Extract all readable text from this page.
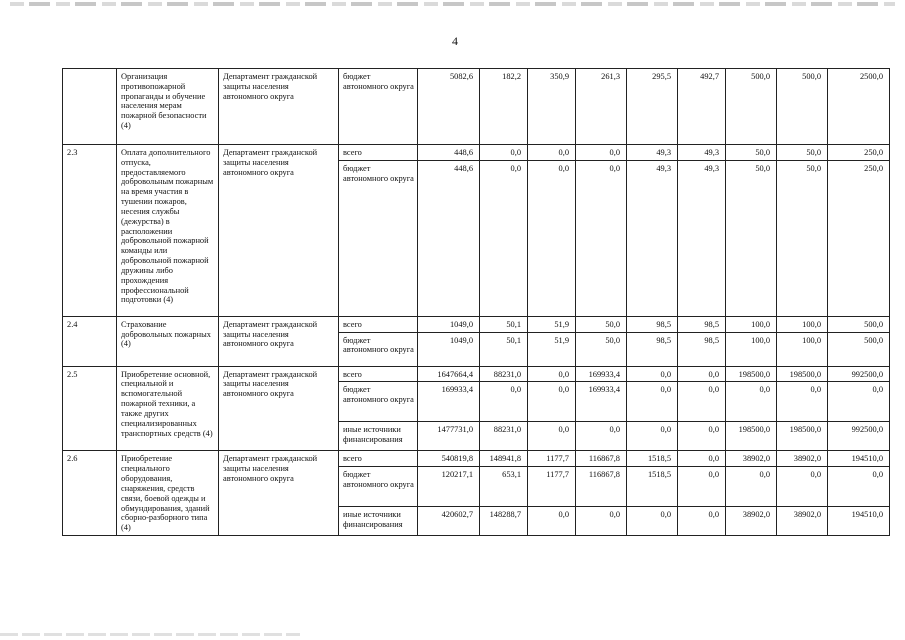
4
	Организация противопожарной пропаганды и обучение населения мерам пожарной безопасности (4)	Департамент гражданской защиты населения автономного округа	бюджет автономного округа	5082,6	182,2	350,9	261,3	295,5	492,7	500,0	500,0	2500,0
2.3	Оплата дополнительного отпуска, предоставляемого добровольным пожарным на время участия в тушении пожаров, несения службы (дежурства) в расположении добровольной пожарной команды или добровольной пожарной дружины либо прохождения профессиональной подготовки (4)	Департамент гражданской защиты населения автономного округа	всего	448,6	0,0	0,0	0,0	49,3	49,3	50,0	50,0	250,0
			бюджет автономного округа	448,6	0,0	0,0	0,0	49,3	49,3	50,0	50,0	250,0
2.4	Страхование добровольных пожарных (4)	Департамент гражданской защиты населения автономного округа	всего	1049,0	50,1	51,9	50,0	98,5	98,5	100,0	100,0	500,0
			бюджет автономного округа	1049,0	50,1	51,9	50,0	98,5	98,5	100,0	100,0	500,0
2.5	Приобретение основной, специальной и вспомогательной пожарной техники, а также других специализированных транспортных средств (4)	Департамент гражданской защиты населения автономного округа	всего	1647664,4	88231,0	0,0	169933,4	0,0	0,0	198500,0	198500,0	992500,0
			бюджет автономного округа	169933,4	0,0	0,0	169933,4	0,0	0,0	0,0	0,0	0,0
			иные источники финансирования	1477731,0	88231,0	0,0	0,0	0,0	0,0	198500,0	198500,0	992500,0
2.6	Приобретение специального оборудования, снаряжения, средств связи, боевой одежды и обмундирования, зданий сборно-разборного типа (4)	Департамент гражданской защиты населения автономного округа	всего	540819,8	148941,8	1177,7	116867,8	1518,5	0,0	38902,0	38902,0	194510,0
			бюджет автономного округа	120217,1	653,1	1177,7	116867,8	1518,5	0,0	0,0	0,0	0,0
			иные источники финансирования	420602,7	148288,7	0,0	0,0	0,0	0,0	38902,0	38902,0	194510,0
